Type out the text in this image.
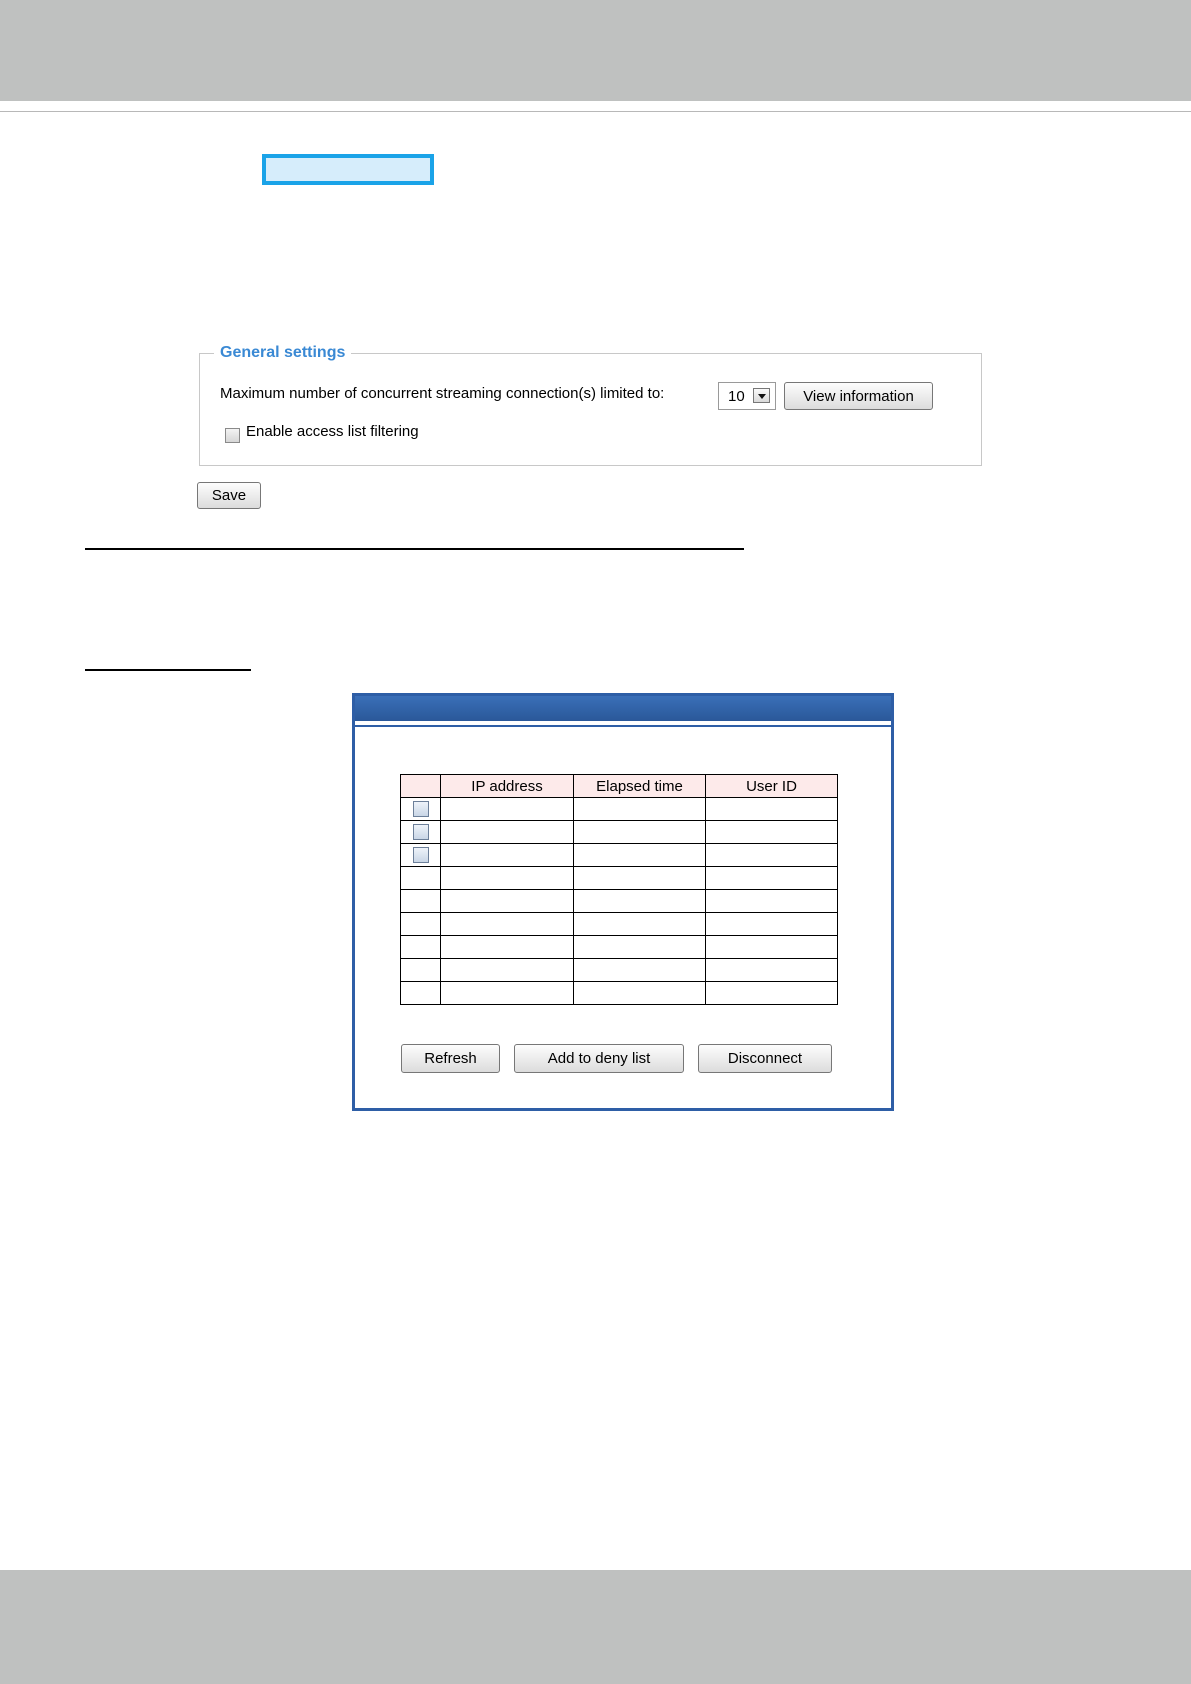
General settings
Maximum number of concurrent streaming connection(s) limited to:	10	View information
Enable access list filtering
Save
	IP address	Elapsed time	User ID

Refresh	Add to deny list	Disconnect
